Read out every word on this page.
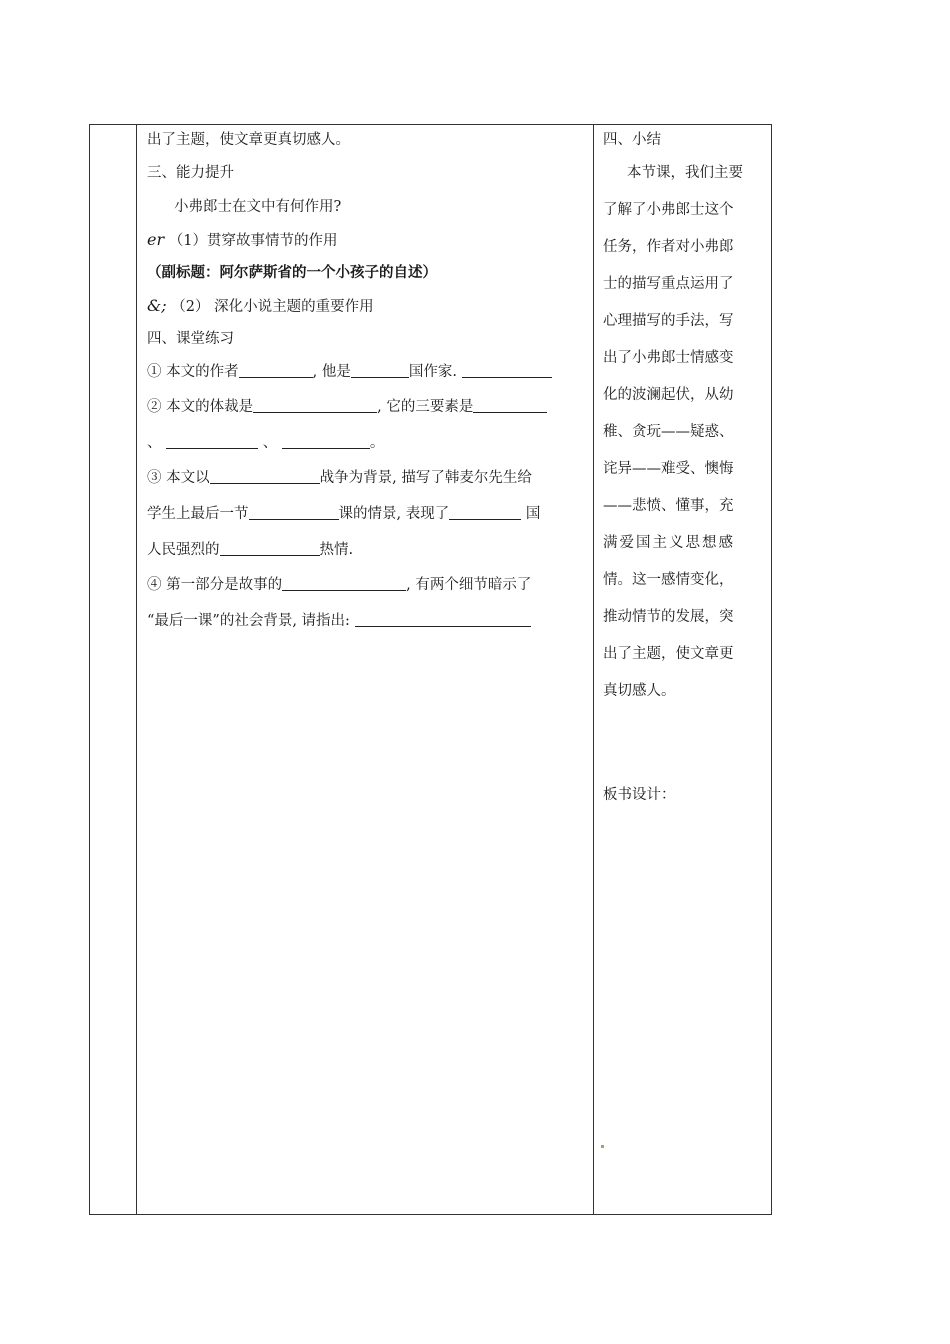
出了主题，使文章更真切感人。
三、能力提升
小弗郎士在文中有何作用?
er （1）贯穿故事情节的作用
（副标题：阿尔萨斯省的一个小孩子的自述）
&; （2） 深化小说主题的重要作用
四、课堂练习
① 本文的作者	, 他是	国作家.
② 本文的体裁是	, 它的三要素是
、	、	。
③ 本文以	战争为背景, 描写了韩麦尔先生给
学生上最后一节	课的情景, 表现了	国
人民强烈的	热情.
④ 第一部分是故事的	, 有两个细节暗示了
“最后一课”的社会背景, 请指出:
四、小结
本节课，我们主要
了解了小弗郎士这个
任务，作者对小弗郎
士的描写重点运用了
心理描写的手法，写
出了小弗郎士情感变
化的波澜起伏，从幼
稚、贪玩——疑惑、
诧异——难受、懊悔
——悲愤、懂事，充
满爱国主义思想感
情。这一感情变化，
推动情节的发展，突
出了主题，使文章更
真切感人。
板书设计：
